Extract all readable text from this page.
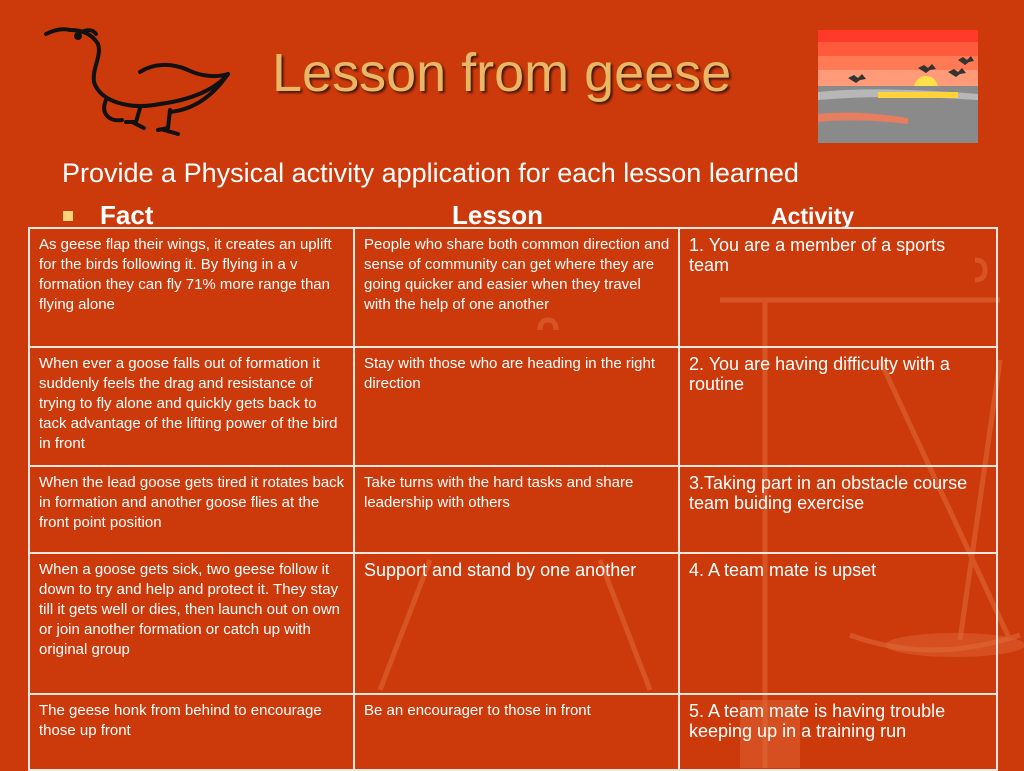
Lesson from geese
Provide a Physical activity application for each lesson learned
Fact	Lesson	Activity
As geese flap their wings, it creates an uplift for the birds following it. By flying in a v formation they can fly 71% more range than flying alone	People who share both common direction and sense of community can get where they are going quicker and easier when they travel with the help of one another	1. You are a member of a sports team
When ever a goose falls out of formation it suddenly feels the drag and resistance of trying to fly alone and quickly gets back to tack advantage of the lifting power of the bird in front	Stay with those who are heading in the right direction	2. You are having difficulty with a routine
When the lead goose gets tired it rotates back in formation and another goose flies at the front point position	Take turns with the hard tasks and share leadership with others	3.Taking part in an obstacle course team buiding exercise
When a goose gets sick, two geese follow it down to try and help and protect it. They stay till it gets well or dies, then launch out on own or join another formation or catch up with original group	Support and stand by one another	4. A team mate is upset
The geese honk from behind to encourage those up front	Be an encourager to those in front	5. A team mate is having trouble keeping up in a training run
